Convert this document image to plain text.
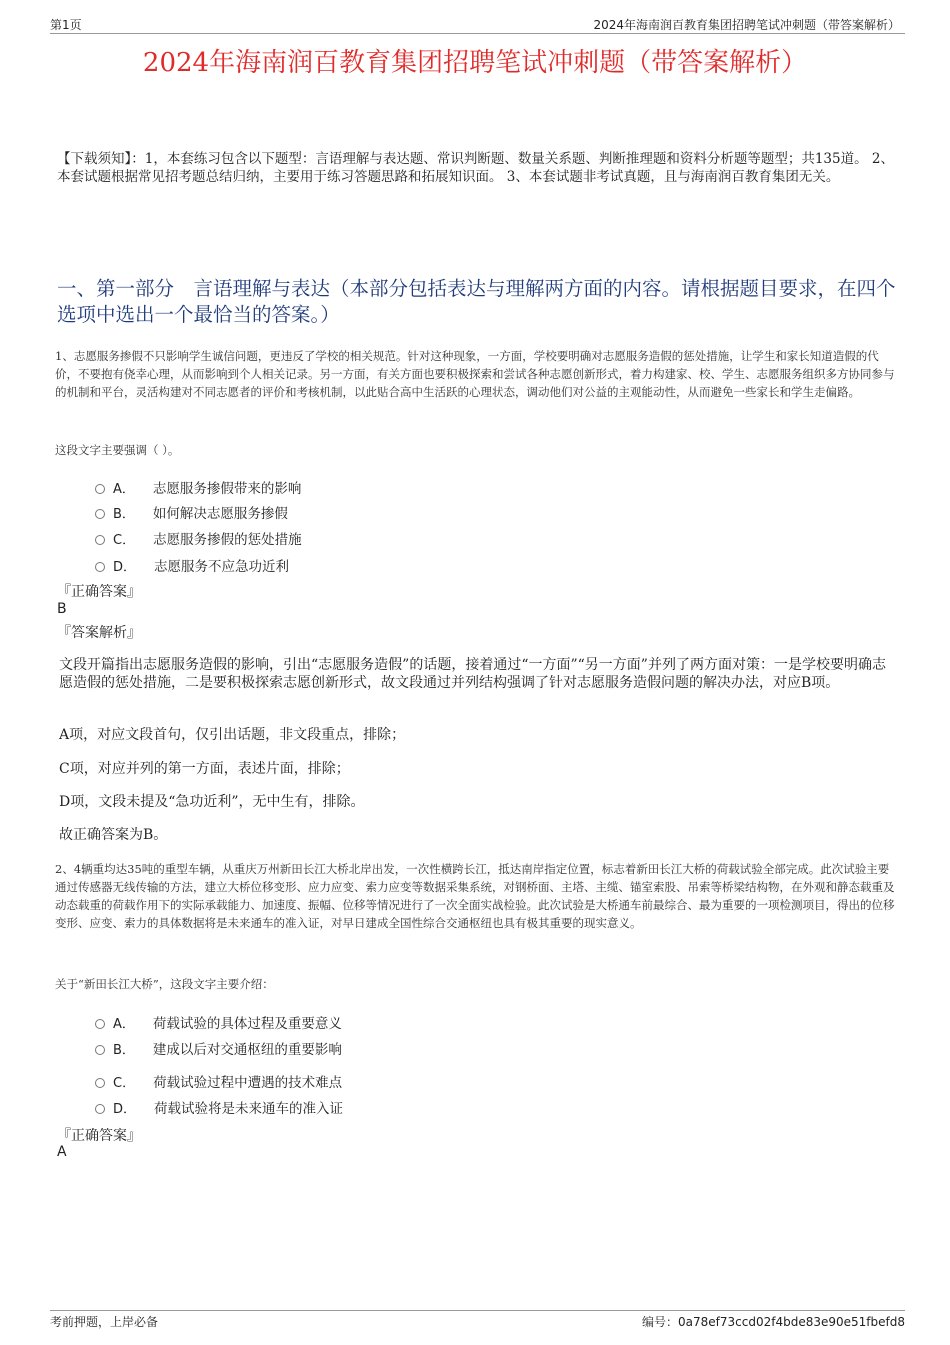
第1页	2024年海南润百教育集团招聘笔试冲刺题（带答案解析）
2024年海南润百教育集团招聘笔试冲刺题（带答案解析）
【下载须知】：1，本套练习包含以下题型：言语理解与表达题、常识判断题、数量关系题、判断推理题和资料分析题等题型；共135道。 2、本套试题根据常见招考题总结归纳，主要用于练习答题思路和拓展知识面。 3、本套试题非考试真题，且与海南润百教育集团无关。
一、第一部分　言语理解与表达（本部分包括表达与理解两方面的内容。请根据题目要求，在四个选项中选出一个最恰当的答案。）
1、志愿服务掺假不只影响学生诚信问题，更违反了学校的相关规范。针对这种现象，一方面，学校要明确对志愿服务造假的惩处措施，让学生和家长知道造假的代价，不要抱有侥幸心理，从而影响到个人相关记录。另一方面，有关方面也要积极探索和尝试各种志愿创新形式，着力构建家、校、学生、志愿服务组织多方协同参与的机制和平台，灵活构建对不同志愿者的评价和考核机制，以此贴合高中生活跃的心理状态，调动他们对公益的主观能动性，从而避免一些家长和学生走偏路。
这段文字主要强调（ ）。
A． 志愿服务掺假带来的影响
B． 如何解决志愿服务掺假
C． 志愿服务掺假的惩处措施
D． 志愿服务不应急功近利
『正确答案』
B
『答案解析』
文段开篇指出志愿服务造假的影响，引出“志愿服务造假”的话题，接着通过“一方面”“另一方面”并列了两方面对策：一是学校要明确志愿造假的惩处措施，二是要积极探索志愿创新形式，故文段通过并列结构强调了针对志愿服务造假问题的解决办法，对应B项。
A项，对应文段首句，仅引出话题，非文段重点，排除；
C项，对应并列的第一方面，表述片面，排除；
D项，文段未提及“急功近利”，无中生有，排除。
故正确答案为B。
2、4辆重均达35吨的重型车辆，从重庆万州新田长江大桥北岸出发，一次性横跨长江，抵达南岸指定位置，标志着新田长江大桥的荷载试验全部完成。此次试验主要通过传感器无线传输的方法，建立大桥位移变形、应力应变、索力应变等数据采集系统，对钢桥面、主塔、主缆、锚室索股、吊索等桥梁结构物，在外观和静态载重及动态载重的荷载作用下的实际承载能力、加速度、振幅、位移等情况进行了一次全面实战检验。此次试验是大桥通车前最综合、最为重要的一项检测项目，得出的位移变形、应变、索力的具体数据将是未来通车的准入证，对早日建成全国性综合交通枢纽也具有极其重要的现实意义。
关于“新田长江大桥”，这段文字主要介绍：
A． 荷载试验的具体过程及重要意义
B． 建成以后对交通枢纽的重要影响
C． 荷载试验过程中遭遇的技术难点
D． 荷载试验将是未来通车的准入证
『正确答案』
A
考前押题，上岸必备	编号：0a78ef73ccd02f4bde83e90e51fbefd8
